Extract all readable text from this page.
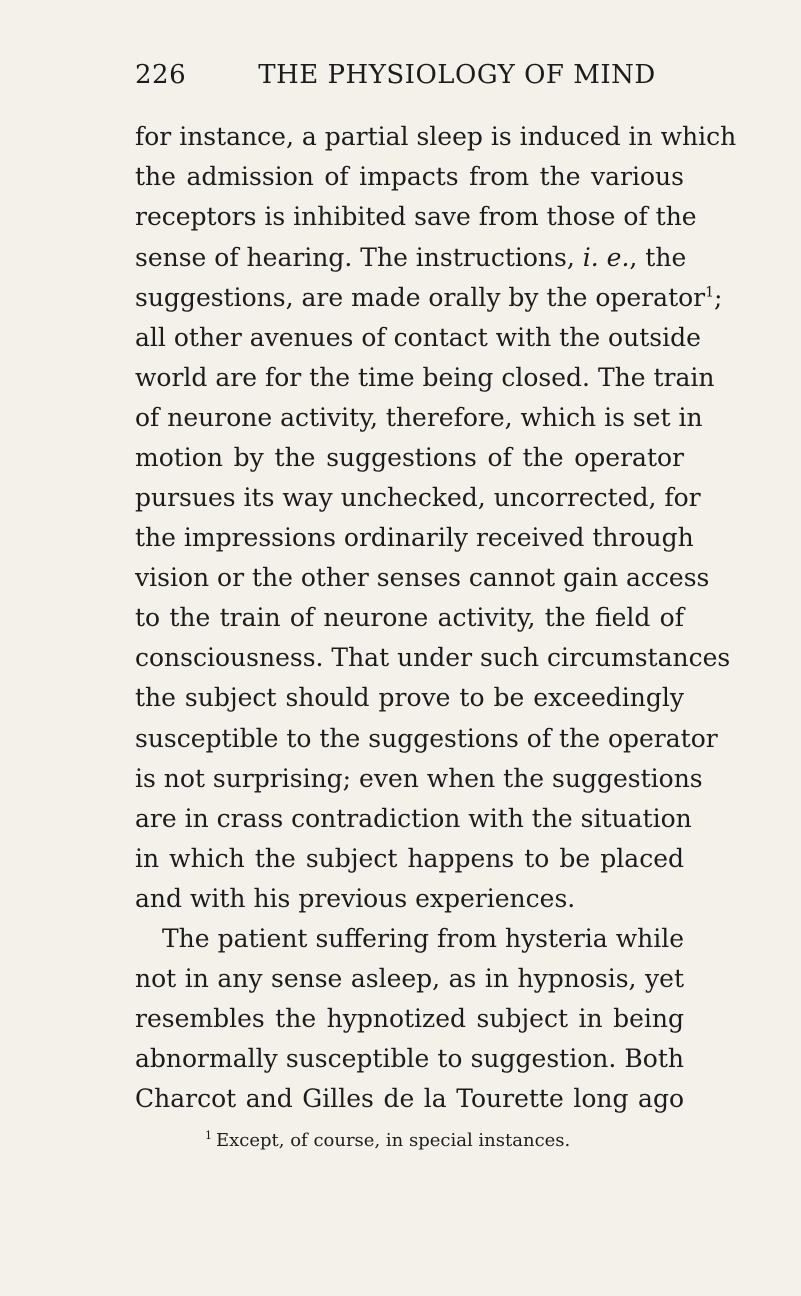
226	THE PHYSIOLOGY OF MIND
for instance, a partial sleep is induced in which
the admission of impacts from the various
receptors is inhibited save from those of the
sense of hearing. The instructions, i. e., the
suggestions, are made orally by the operator$^1$;
all other avenues of contact with the outside
world are for the time being closed. The train
of neurone activity, therefore, which is set in
motion by the suggestions of the operator
pursues its way unchecked, uncorrected, for
the impressions ordinarily received through
vision or the other senses cannot gain access
to the train of neurone activity, the field of
consciousness. That under such circumstances
the subject should prove to be exceedingly
susceptible to the suggestions of the operator
is not surprising; even when the suggestions
are in crass contradiction with the situation
in which the subject happens to be placed
and with his previous experiences.
The patient suffering from hysteria while
not in any sense asleep, as in hypnosis, yet
resembles the hypnotized subject in being
abnormally susceptible to suggestion. Both
Charcot and Gilles de la Tourette long ago
$^1$ Except, of course, in special instances.
